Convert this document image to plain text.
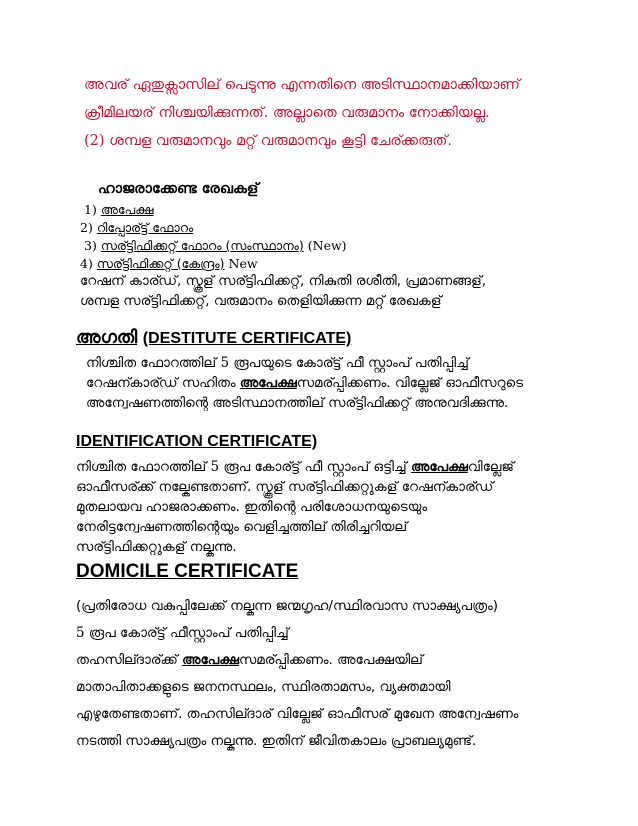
അവര് ഏതുക്സാസില് പെടുന്നു എന്നതിനെ അടിസ്ഥാനമാക്കിയാണ്
ക്രീമിലയര് നിശ്ചയിക്കുന്നത്. അല്ലാതെ വരുമാനം നോക്കിയല്ല.
(2) ശമ്പള വരുമാനവും മറ്റ് വരുമാനവും കൂട്ടി ചേര്ക്കരുത്.
ഹാജരാക്കേണ്ട രേഖകള്
1) അപേക്ഷ
2) റിപ്പോര്ട്ട് ഫോറം
3) സര്ട്ടിഫിക്കറ്റ് ഫോറം (സംസ്ഥാനം) (New)
4) സര്ട്ടിഫിക്കറ്റ് (കേന്ദ്രം) New
റേഷന് കാര്ഡ്, സ്കൂള് സര്ട്ടിഫിക്കറ്റ്, നികുതി രശീതി, പ്രമാണങ്ങള്,
ശമ്പള സര്ട്ടിഫിക്കറ്റ്, വരുമാനം തെളിയിക്കുന്ന മറ്റ് രേഖകള്
അഗതി (DESTITUTE CERTIFICATE)
നിശ്ചിത ഫോറത്തില് 5 രൂപയുടെ കോര്ട്ട് ഫീ സ്റ്റാംപ് പതിപ്പിച്ച്
റേഷന്കാര്ഡ് സഹിതം അപേക്ഷസമര്പ്പിക്കണം. വില്ലേജ് ഓഫീസറുടെ
അന്വേഷണത്തിന്റെ അടിസ്ഥാനത്തില് സര്ട്ടിഫിക്കറ്റ് അനുവദിക്കുന്നു.
IDENTIFICATION CERTIFICATE)
നിശ്ചിത ഫോറത്തില് 5 രൂപ കോര്ട്ട് ഫീ സ്റ്റാംപ് ഒട്ടിച്ച് അപേക്ഷവില്ലേജ്
ഓഫീസര്ക്ക് നല്കേണ്ടതാണ്. സ്കൂള് സര്ട്ടിഫിക്കറ്റുകള് റേഷന്കാര്ഡ്
മുതലായവ ഹാജരാക്കണം. ഇതിന്റെ പരിശോധനയുടെയും
നേരിട്ടന്വേഷണത്തിന്റെയും വെളിച്ചത്തില് തിരിച്ചറിയല്
സര്ട്ടിഫിക്കറ്റുകള് നല്കുന്നു.
DOMICILE CERTIFICATE
(പ്രതിരോധ വകുപ്പിലേക്ക് നല്കുന്ന ജന്മഗൃഹ/സ്ഥിരവാസ സാക്ഷ്യപത്രം)
5 രൂപ കോര്ട്ട് ഫീസ്റ്റാംപ് പതിപ്പിച്ച്
തഹസില്ദാര്ക്ക് അപേക്ഷസമര്പ്പിക്കണം. അപേക്ഷയില്
മാതാപിതാക്കളുടെ ജനനസ്ഥലം, സ്ഥിരതാമസം, വ്യക്തമായി
എഴുതേണ്ടതാണ്. തഹസില്ദാര് വില്ലേജ് ഓഫീസര് മുഖേന അന്വേഷണം
നടത്തി സാക്ഷ്യപത്രം നല്കുന്നു. ഇതിന് ജീവിതകാലം പ്രാബല്യമുണ്ട്.
